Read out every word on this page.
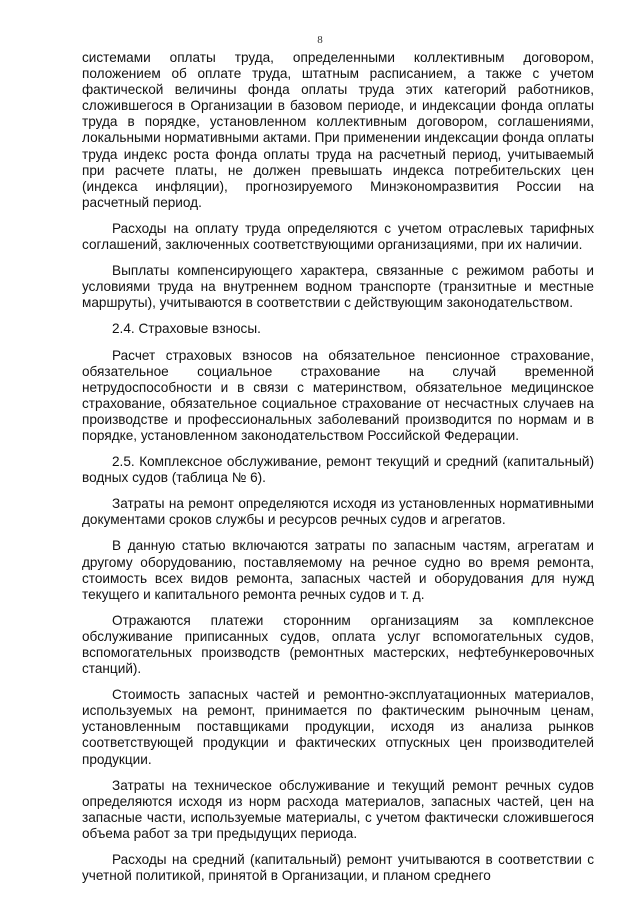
8

системами оплаты труда, определенными коллективным договором, положением об оплате труда, штатным расписанием, а также с учетом фактической величины фонда оплаты труда этих категорий работников, сложившегося в Организации в базовом периоде, и индексации фонда оплаты труда в порядке, установленном коллективным договором, соглашениями, локальными нормативными актами. При применении индексации фонда оплаты труда индекс роста фонда оплаты труда на расчетный период, учитываемый при расчете платы, не должен превышать индекса потребительских цен (индекса инфляции), прогнозируемого Минэкономразвития России на расчетный период.

Расходы на оплату труда определяются с учетом отраслевых тарифных соглашений, заключенных соответствующими организациями, при их наличии.

Выплаты компенсирующего характера, связанные с режимом работы и условиями труда на внутреннем водном транспорте (транзитные и местные маршруты), учитываются в соответствии с действующим законодательством.

2.4. Страховые взносы.

Расчет страховых взносов на обязательное пенсионное страхование, обязательное социальное страхование на случай временной нетрудоспособности и в связи с материнством, обязательное медицинское страхование, обязательное социальное страхование от несчастных случаев на производстве и профессиональных заболеваний производится по нормам и в порядке, установленном законодательством Российской Федерации.

2.5. Комплексное обслуживание, ремонт текущий и средний (капитальный) водных судов (таблица № 6).

Затраты на ремонт определяются исходя из установленных нормативными документами сроков службы и ресурсов речных судов и агрегатов.

В данную статью включаются затраты по запасным частям, агрегатам и другому оборудованию, поставляемому на речное судно во время ремонта, стоимость всех видов ремонта, запасных частей и оборудования для нужд текущего и капитального ремонта речных судов и т. д.

Отражаются платежи сторонним организациям за комплексное обслуживание приписанных судов, оплата услуг вспомогательных судов, вспомогательных производств (ремонтных мастерских, нефтебункеровочных станций).

Стоимость запасных частей и ремонтно-эксплуатационных материалов, используемых на ремонт, принимается по фактическим рыночным ценам, установленным поставщиками продукции, исходя из анализа рынков соответствующей продукции и фактических отпускных цен производителей продукции.

Затраты на техническое обслуживание и текущий ремонт речных судов определяются исходя из норм расхода материалов, запасных частей, цен на запасные части, используемые материалы, с учетом фактически сложившегося объема работ за три предыдущих периода.

Расходы на средний (капитальный) ремонт учитываются в соответствии с учетной политикой, принятой в Организации, и планом среднего
